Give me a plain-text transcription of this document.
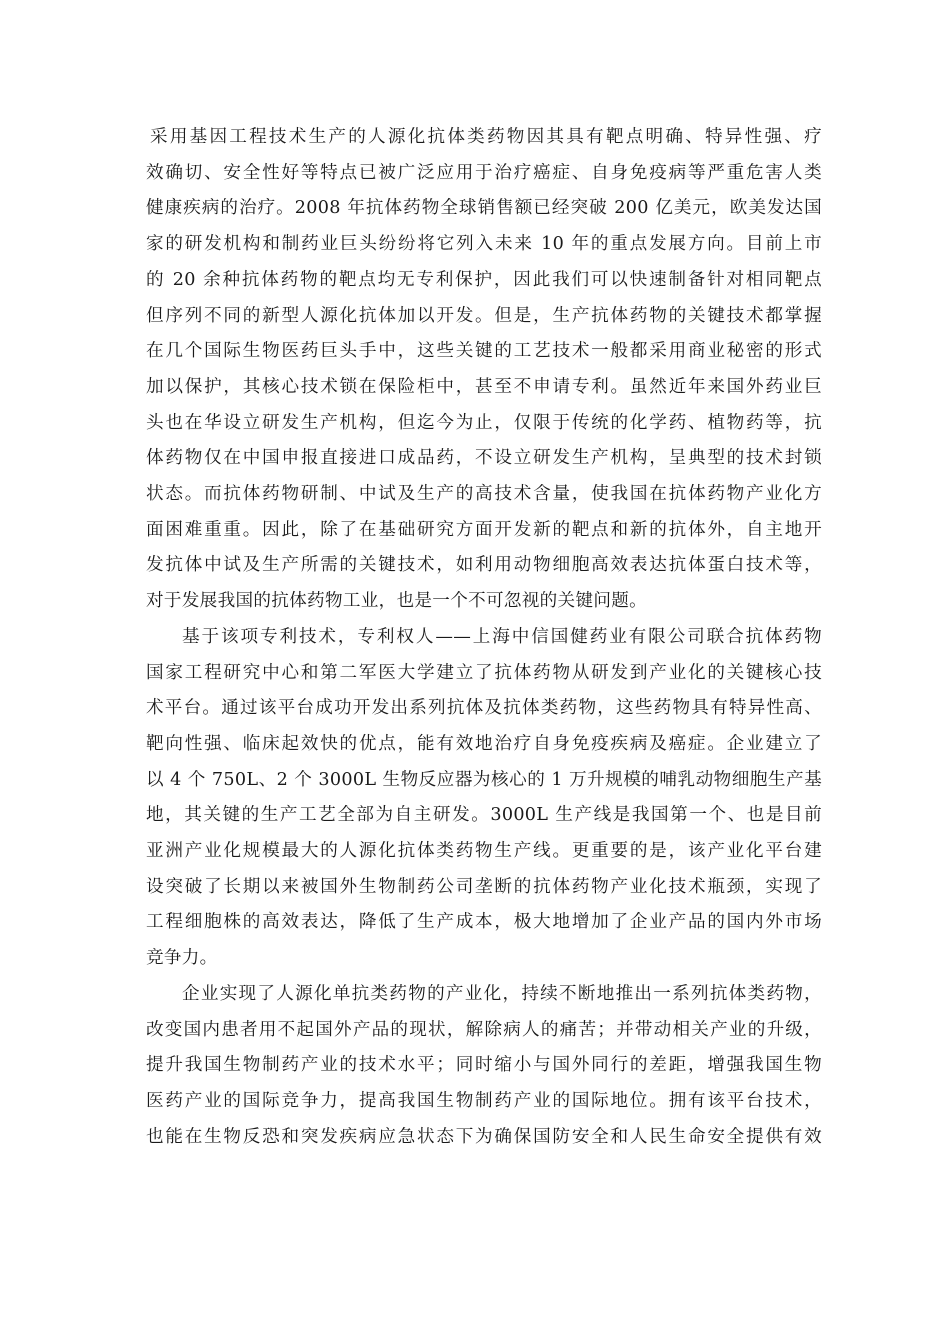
采用基因工程技术生产的人源化抗体类药物因其具有靶点明确、特异性强、疗
效确切、安全性好等特点已被广泛应用于治疗癌症、自身免疫病等严重危害人类
健康疾病的治疗。2008 年抗体药物全球销售额已经突破 200 亿美元，欧美发达国
家的研发机构和制药业巨头纷纷将它列入未来 10 年的重点发展方向。目前上市
的 20 余种抗体药物的靶点均无专利保护，因此我们可以快速制备针对相同靶点
但序列不同的新型人源化抗体加以开发。但是，生产抗体药物的关键技术都掌握
在几个国际生物医药巨头手中，这些关键的工艺技术一般都采用商业秘密的形式
加以保护，其核心技术锁在保险柜中，甚至不申请专利。虽然近年来国外药业巨
头也在华设立研发生产机构，但迄今为止，仅限于传统的化学药、植物药等，抗
体药物仅在中国申报直接进口成品药，不设立研发生产机构，呈典型的技术封锁
状态。而抗体药物研制、中试及生产的高技术含量，使我国在抗体药物产业化方
面困难重重。因此，除了在基础研究方面开发新的靶点和新的抗体外，自主地开
发抗体中试及生产所需的关键技术，如利用动物细胞高效表达抗体蛋白技术等，
对于发展我国的抗体药物工业，也是一个不可忽视的关键问题。

基于该项专利技术，专利权人——上海中信国健药业有限公司联合抗体药物
国家工程研究中心和第二军医大学建立了抗体药物从研发到产业化的关键核心技
术平台。通过该平台成功开发出系列抗体及抗体类药物，这些药物具有特异性高、
靶向性强、临床起效快的优点，能有效地治疗自身免疫疾病及癌症。企业建立了
以 4 个 750L、2 个 3000L 生物反应器为核心的 1 万升规模的哺乳动物细胞生产基
地，其关键的生产工艺全部为自主研发。3000L 生产线是我国第一个、也是目前
亚洲产业化规模最大的人源化抗体类药物生产线。更重要的是，该产业化平台建
设突破了长期以来被国外生物制药公司垄断的抗体药物产业化技术瓶颈，实现了
工程细胞株的高效表达，降低了生产成本，极大地增加了企业产品的国内外市场
竞争力。

企业实现了人源化单抗类药物的产业化，持续不断地推出一系列抗体类药物，
改变国内患者用不起国外产品的现状，解除病人的痛苦；并带动相关产业的升级，
提升我国生物制药产业的技术水平；同时缩小与国外同行的差距，增强我国生物
医药产业的国际竞争力，提高我国生物制药产业的国际地位。拥有该平台技术，
也能在生物反恐和突发疾病应急状态下为确保国防安全和人民生命安全提供有效
